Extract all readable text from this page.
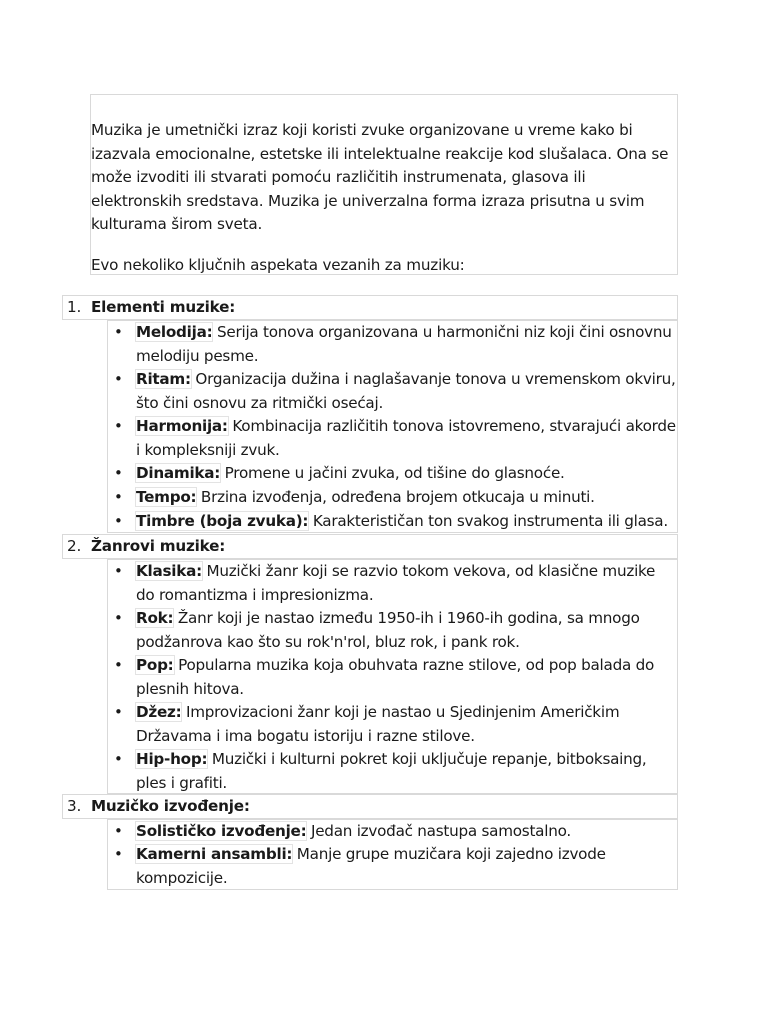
Muzika je umetnički izraz koji koristi zvuke organizovane u vreme kako bi izazvala emocionalne, estetske ili intelektualne reakcije kod slušalaca. Ona se može izvoditi ili stvarati pomoću različitih instrumenata, glasova ili elektronskih sredstava. Muzika je univerzalna forma izraza prisutna u svim kulturama širom sveta.

Evo nekoliko ključnih aspekata vezanih za muziku:

1. Elementi muzike:
• Melodija: Serija tonova organizovana u harmonični niz koji čini osnovnu melodiju pesme.
• Ritam: Organizacija dužina i naglašavanje tonova u vremenskom okviru, što čini osnovu za ritmički osećaj.
• Harmonija: Kombinacija različitih tonova istovremeno, stvarajući akorde i kompleksniji zvuk.
• Dinamika: Promene u jačini zvuka, od tišine do glasnoće.
• Tempo: Brzina izvođenja, određena brojem otkucaja u minuti.
• Timbre (boja zvuka): Karakterističan ton svakog instrumenta ili glasa.
2. Žanrovi muzike:
• Klasika: Muzički žanr koji se razvio tokom vekova, od klasične muzike do romantizma i impresionizma.
• Rok: Žanr koji je nastao između 1950-ih i 1960-ih godina, sa mnogo podžanrova kao što su rok'n'rol, bluz rok, i pank rok.
• Pop: Popularna muzika koja obuhvata razne stilove, od pop balada do plesnih hitova.
• Džez: Improvizacioni žanr koji je nastao u Sjedinjenim Američkim Državama i ima bogatu istoriju i razne stilove.
• Hip-hop: Muzički i kulturni pokret koji uključuje repanje, bitboksaing, ples i grafiti.
3. Muzičko izvođenje:
• Solističko izvođenje: Jedan izvođač nastupa samostalno.
• Kamerni ansambli: Manje grupe muzičara koji zajedno izvode kompozicije.
